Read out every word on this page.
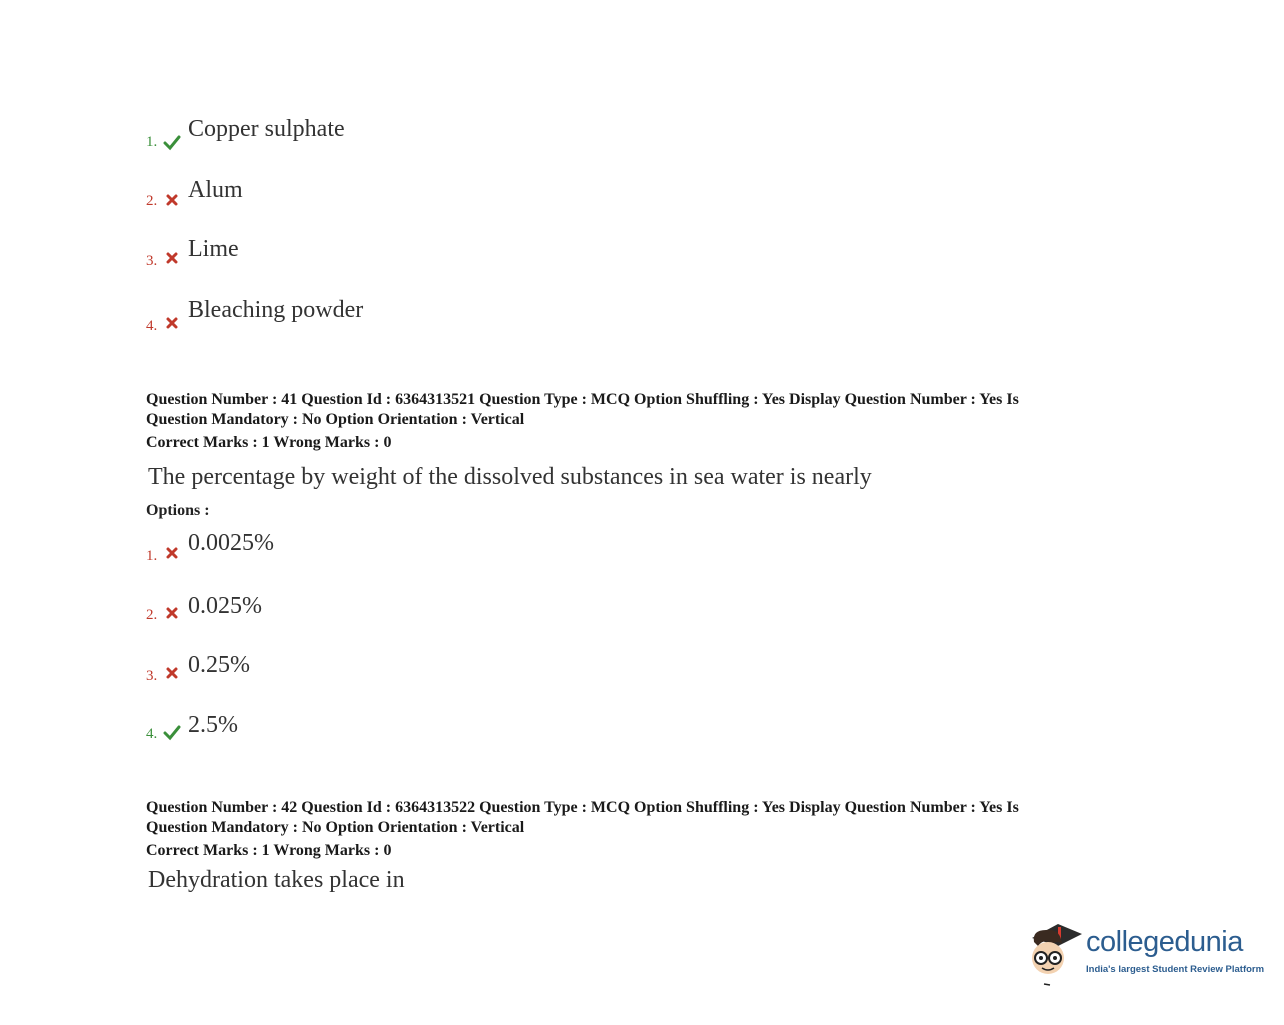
1. Copper sulphate
2. Alum
3. Lime
4.
Bleaching powder
Question Number : 41 Question Id : 6364313521 Question Type : MCQ Option Shuffling : Yes Display Question Number : Yes Is
Question Mandatory : No Option Orientation : Vertical
Correct Marks : 1 Wrong Marks : 0
The percentage by weight of the dissolved substances in sea water is nearly
Options :
1. 0.0025%
2. 0.025%
3. 0.25%
4. 2.5%
Question Number : 42 Question Id : 6364313522 Question Type : MCQ Option Shuffling : Yes Display Question Number : Yes Is
Question Mandatory : No Option Orientation : Vertical
Correct Marks : 1 Wrong Marks : 0
Dehydration takes place in
collegedunia
India's largest Student Review Platform
